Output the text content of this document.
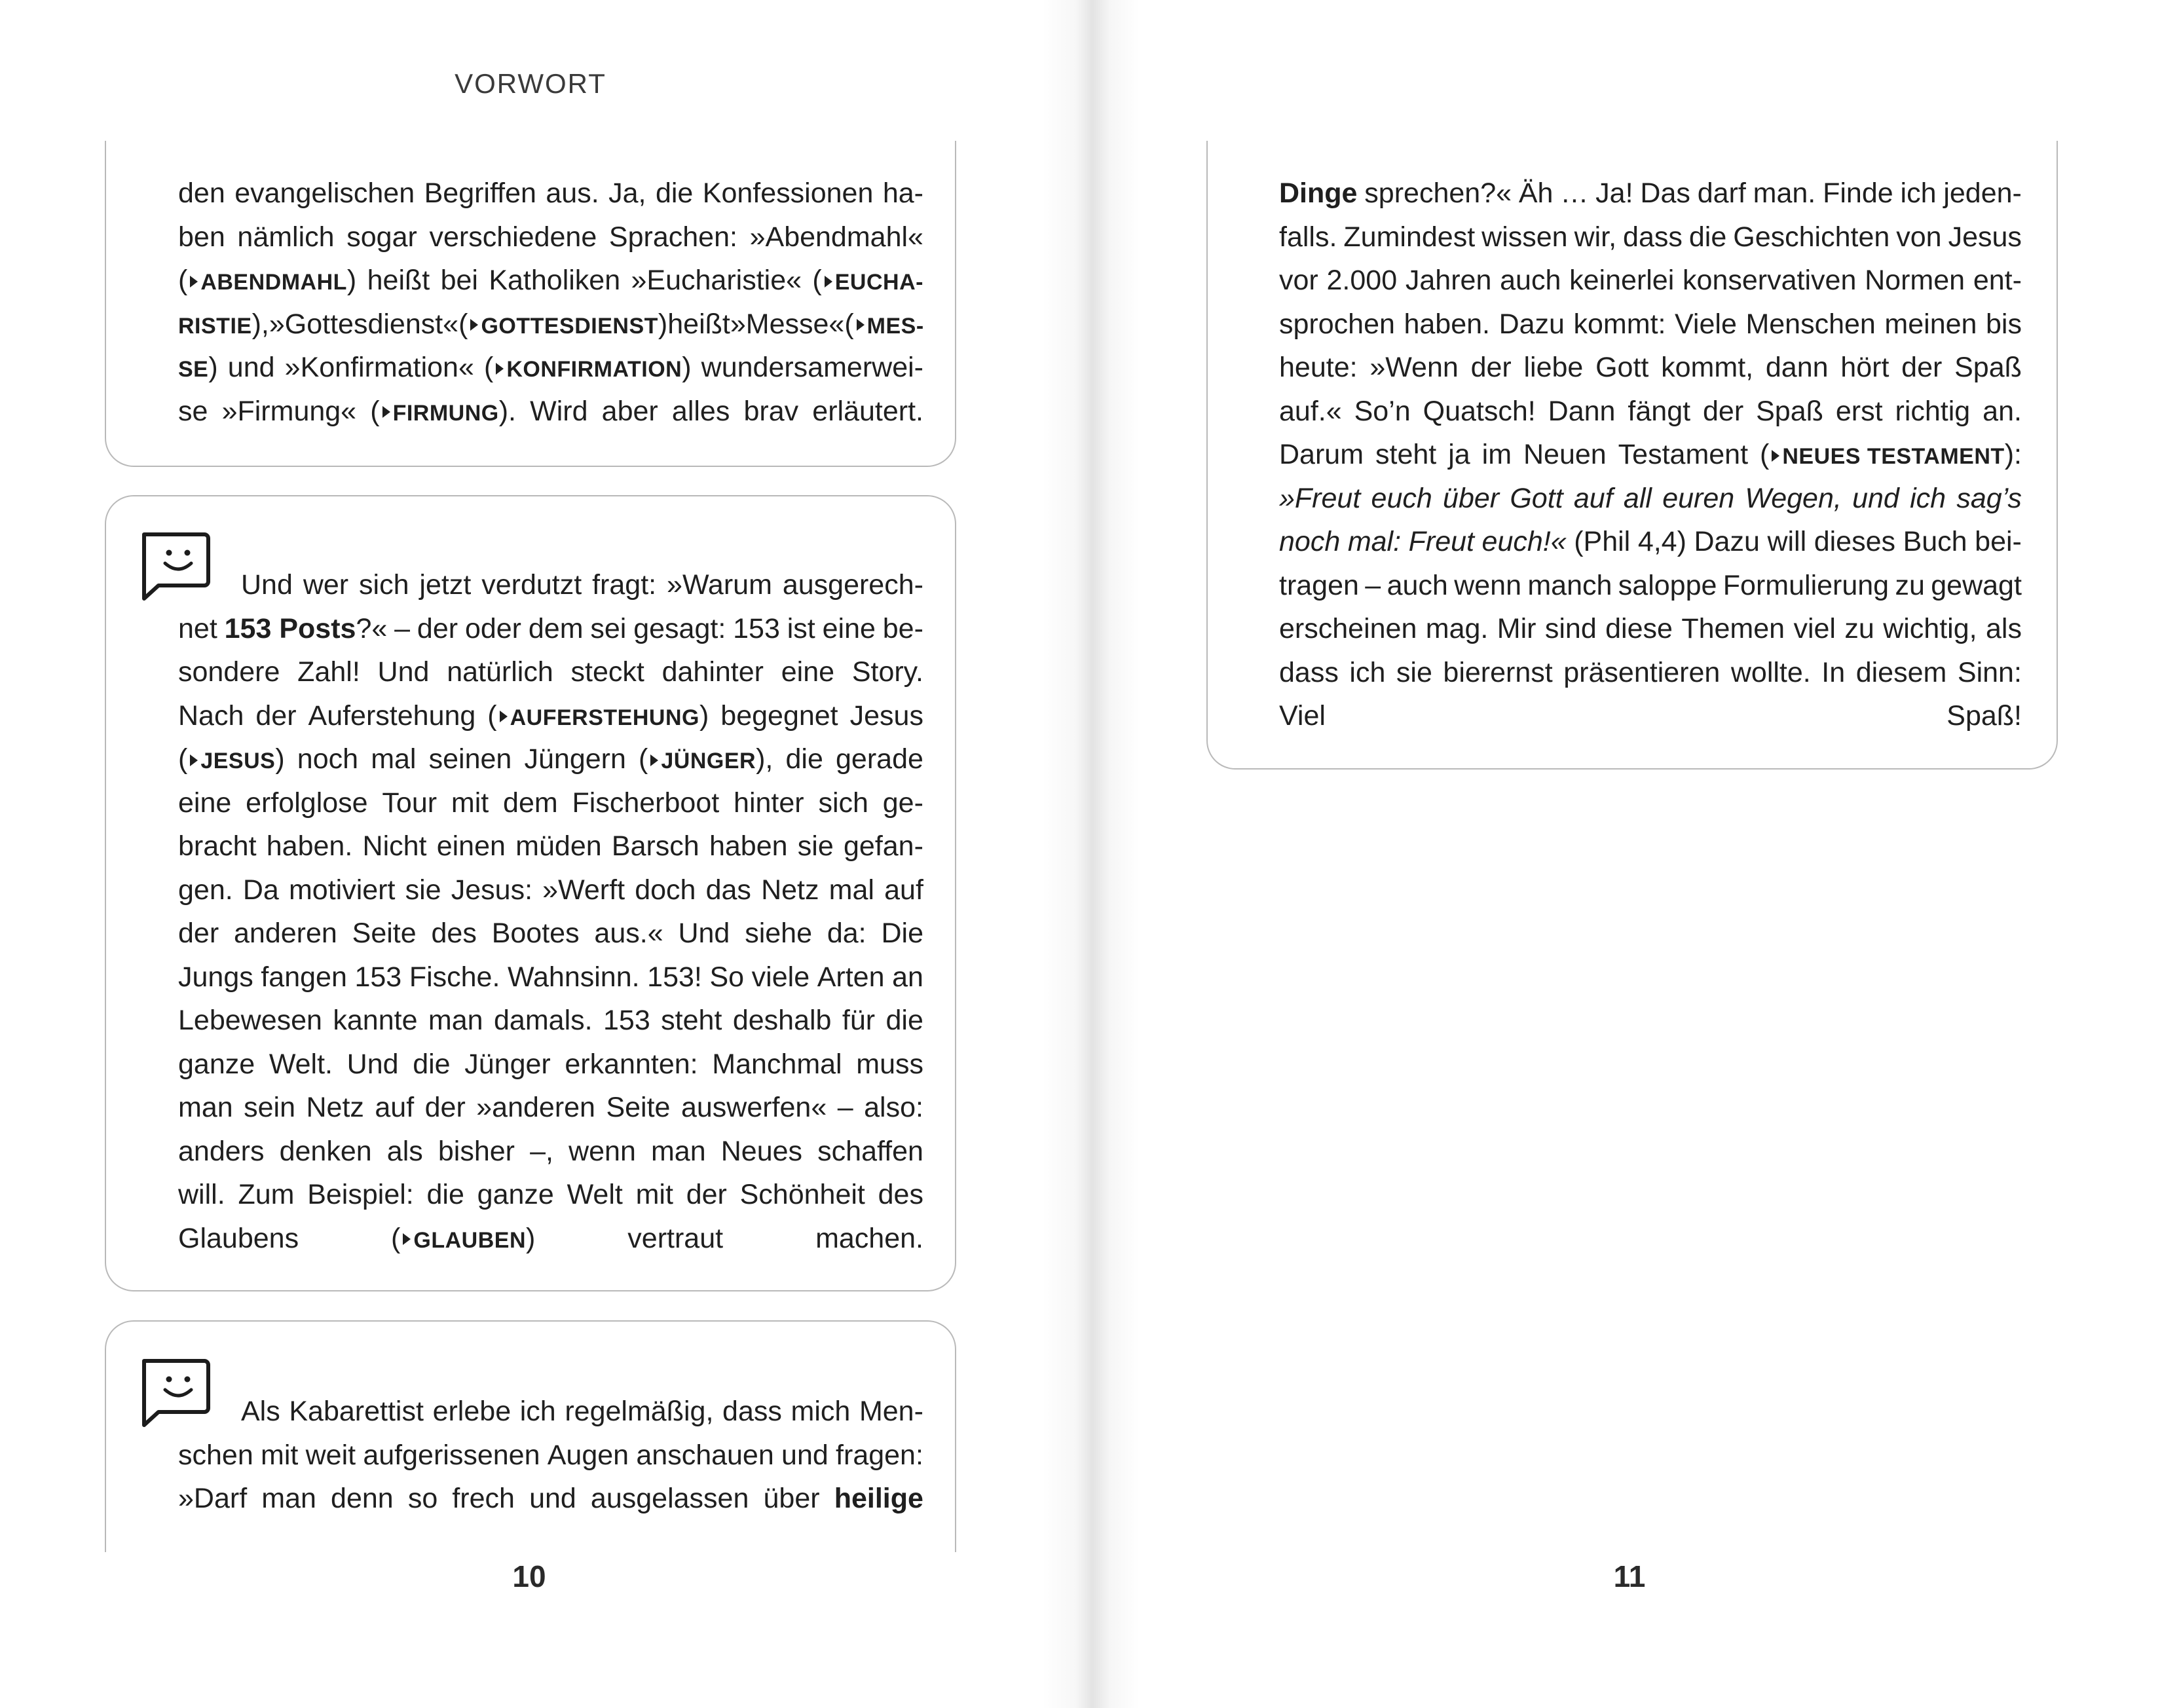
VORWORT
den evangelischen Begriffen aus. Ja, die Konfessionen ha-
ben nämlich sogar verschiedene Sprachen: »Abendmahl«
( ABENDMAHL) heißt bei Katholiken »Eucharistie« ( EUCHA-
RISTIE), »Gottesdienst« ( GOTTESDIENST) heißt »Messe« ( MES-
SE) und »Konfirmation« ( KONFIRMATION) wundersamerwei-
se »Firmung« ( FIRMUNG). Wird aber alles brav erläutert.
Und wer sich jetzt verdutzt fragt: »Warum ausgerech-
net 153 Posts?« – der oder dem sei gesagt: 153 ist eine be-
sondere Zahl! Und natürlich steckt dahinter eine Story.
Nach der Auferstehung ( AUFERSTEHUNG) begegnet Jesus
( JESUS) noch mal seinen Jüngern ( JÜNGER), die gerade
eine erfolglose Tour mit dem Fischerboot hinter sich ge-
bracht haben. Nicht einen müden Barsch haben sie gefan-
gen. Da motiviert sie Jesus: »Werft doch das Netz mal auf
der anderen Seite des Bootes aus.« Und siehe da: Die
Jungs fangen 153 Fische. Wahnsinn. 153! So viele Arten an
Lebewesen kannte man damals. 153 steht deshalb für die
ganze Welt. Und die Jünger erkannten: Manchmal muss
man sein Netz auf der »anderen Seite auswerfen« – also:
anders denken als bisher –, wenn man Neues schaffen
will. Zum Beispiel: die ganze Welt mit der Schönheit des
Glaubens ( GLAUBEN) vertraut machen.
Als Kabarettist erlebe ich regelmäßig, dass mich Men-
schen mit weit aufgerissenen Augen anschauen und fragen:
»Darf man denn so frech und ausgelassen über heilige
10
Dinge sprechen?« Äh … Ja! Das darf man. Finde ich jeden-
falls. Zumindest wissen wir, dass die Geschichten von Jesus
vor 2.000 Jahren auch keinerlei konservativen Normen ent-
sprochen haben. Dazu kommt: Viele Menschen meinen bis
heute: »Wenn der liebe Gott kommt, dann hört der Spaß
auf.« So’n Quatsch! Dann fängt der Spaß erst richtig an.
Darum steht ja im Neuen Testament ( NEUES TESTAMENT):
»Freut euch über Gott auf all euren Wegen, und ich sag’s
noch mal: Freut euch!« (Phil 4,4) Dazu will dieses Buch bei-
tragen – auch wenn manch saloppe Formulierung zu gewagt
erscheinen mag. Mir sind diese Themen viel zu wichtig, als
dass ich sie bierernst präsentieren wollte. In diesem Sinn:
Viel Spaß!
11
